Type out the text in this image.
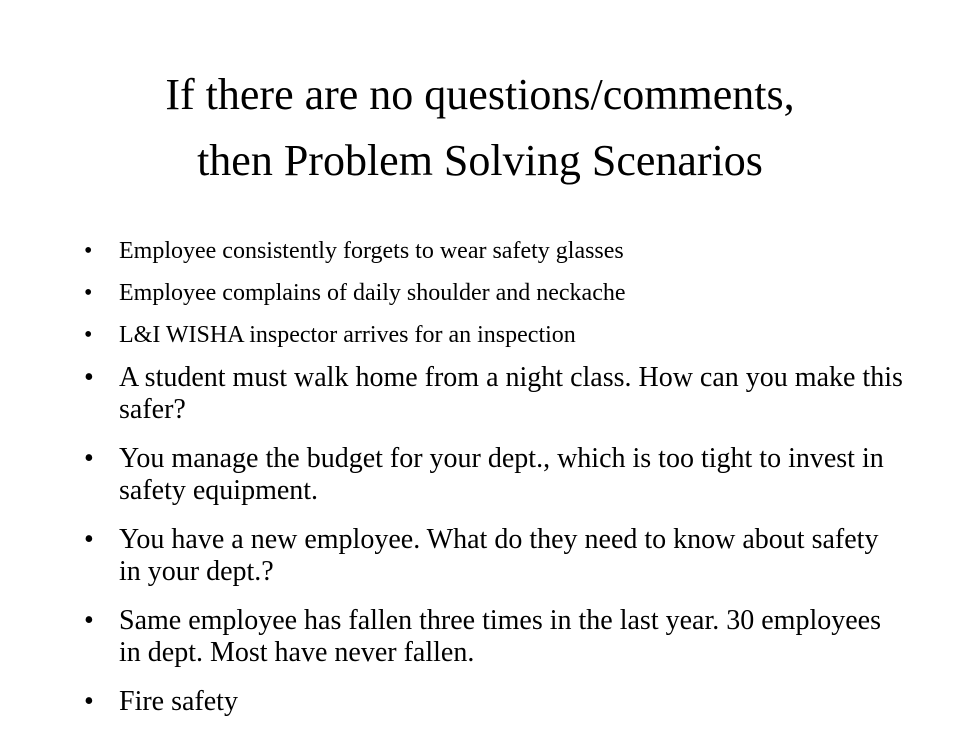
If there are no questions/comments,
then Problem Solving Scenarios
• Employee consistently forgets to wear safety glasses
• Employee complains of daily shoulder and neckache
• L&I WISHA inspector arrives for an inspection
• A student must walk home from a night class. How can you make this safer?
• You manage the budget for your dept., which is too tight to invest in safety equipment.
• You have a new employee. What do they need to know about safety in your dept.?
• Same employee has fallen three times in the last year. 30 employees in dept. Most have never fallen.
• Fire safety
